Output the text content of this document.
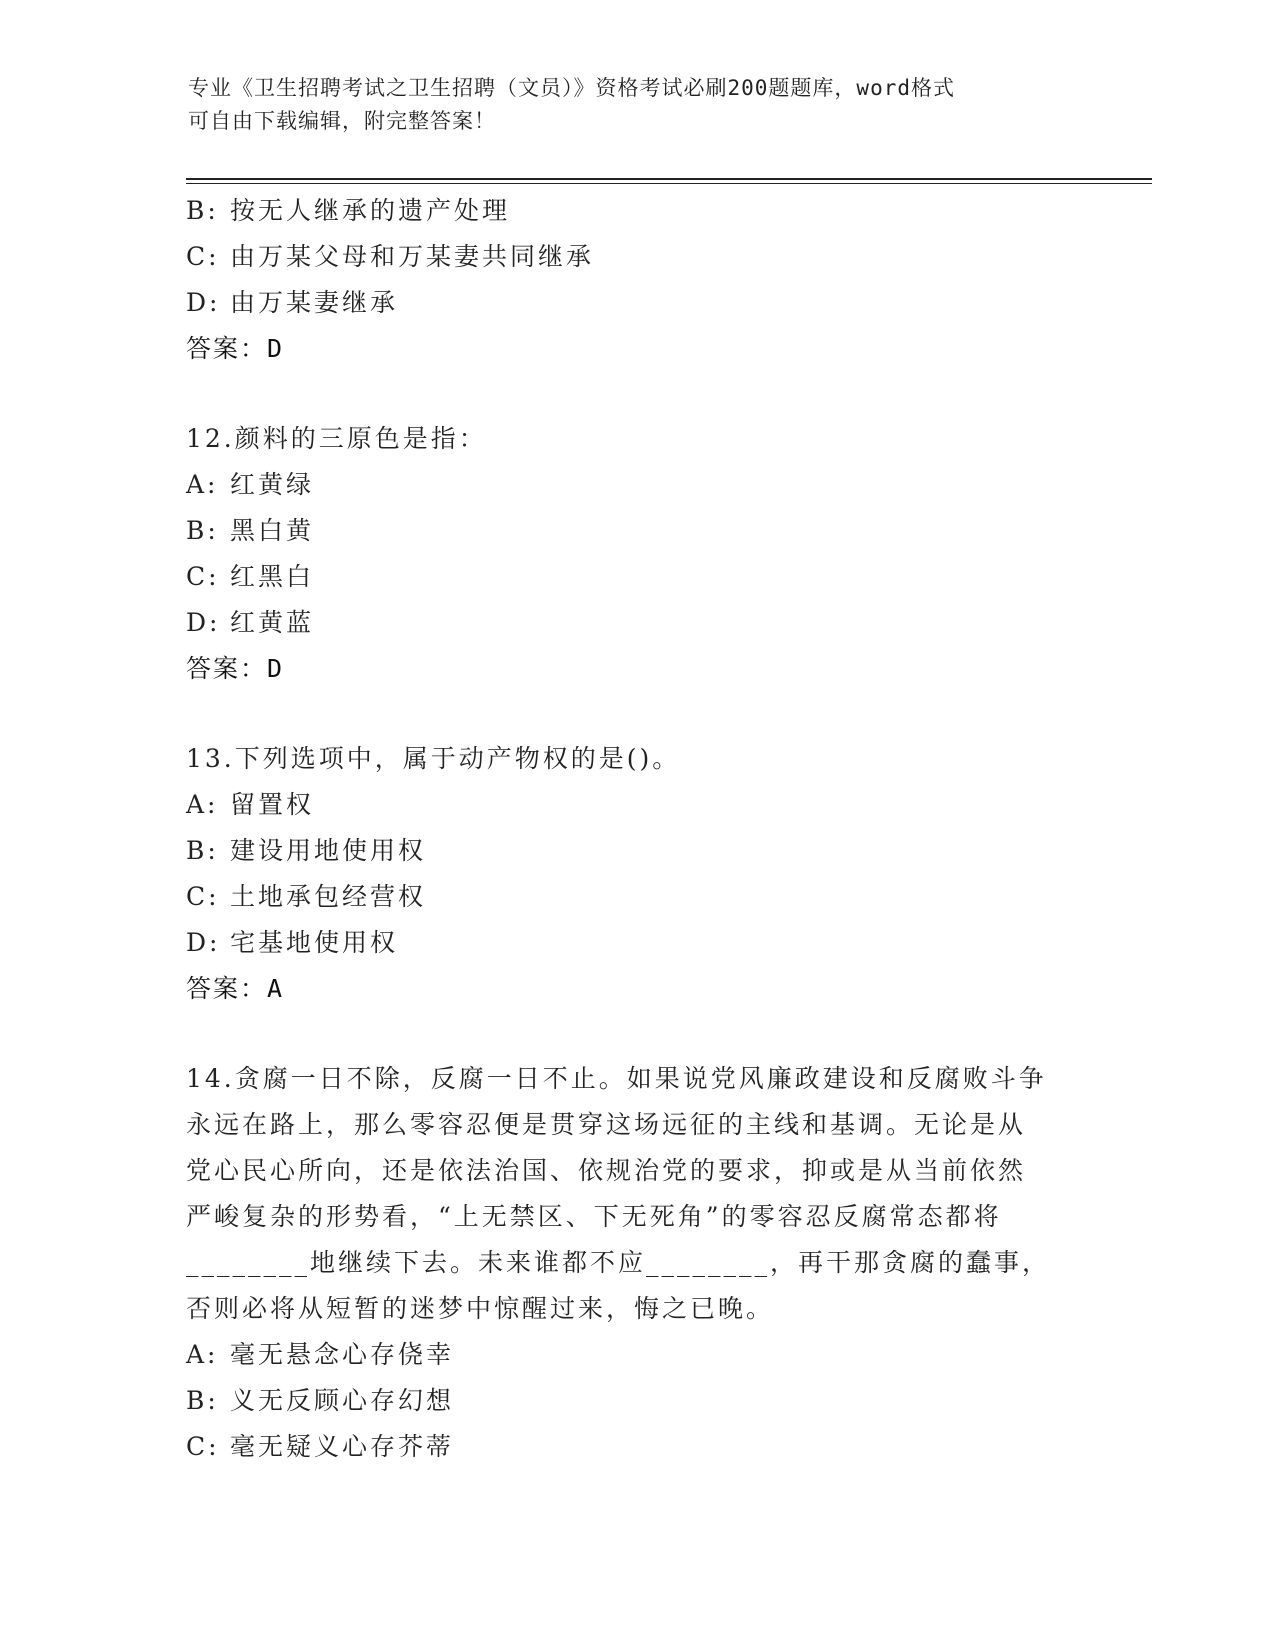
专业《卫生招聘考试之卫生招聘（文员）》资格考试必刷200题题库，word格式
可自由下载编辑，附完整答案！
B: 按无人继承的遗产处理
C: 由万某父母和万某妻共同继承
D: 由万某妻继承
答案：D
12.颜料的三原色是指：
A: 红黄绿
B: 黑白黄
C: 红黑白
D: 红黄蓝
答案：D
13.下列选项中，属于动产物权的是()。
A: 留置权
B: 建设用地使用权
C: 土地承包经营权
D: 宅基地使用权
答案：A
14.贪腐一日不除，反腐一日不止。如果说党风廉政建设和反腐败斗争
永远在路上，那么零容忍便是贯穿这场远征的主线和基调。无论是从
党心民心所向，还是依法治国、依规治党的要求，抑或是从当前依然
严峻复杂的形势看，“上无禁区、下无死角”的零容忍反腐常态都将
________地继续下去。未来谁都不应________，再干那贪腐的蠢事，
否则必将从短暂的迷梦中惊醒过来，悔之已晚。
A: 毫无悬念心存侥幸
B: 义无反顾心存幻想
C: 毫无疑义心存芥蒂
